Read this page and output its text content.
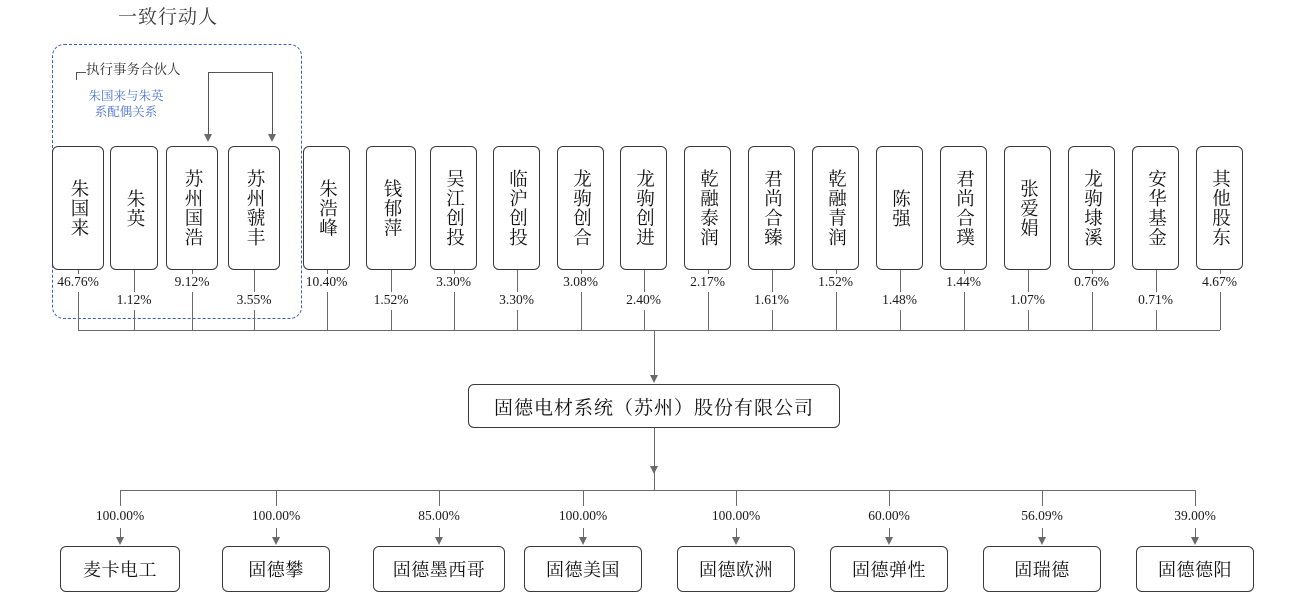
一致行动人
执行事务合伙人
朱国来与朱英
系配偶关系
朱国来 朱英 苏州国浩 苏州虢丰	朱浩峰 钱郁萍 吴江创投 临沪创投 龙驹创合 龙驹创进 乾融泰润 君尚合臻 乾融青润 陈强 君尚合璞 张爱娟 龙驹埭溪 安华基金 其他股东
46.76%
1.12%
9.12%
3.55%
10.40%
1.52%
3.30%
3.30%
3.08%
2.40%
2.17%
1.61%
1.52%
1.48%
1.44%
1.07%
0.76%
0.71%
4.67%
固德电材系统（苏州）股份有限公司
麦卡电工
100.00%
固德攀
100.00%
固德墨西哥
85.00%
固德美国
100.00%
固德欧洲
100.00%
固德弹性
60.00%
固瑞德
56.09%
固德德阳
39.00%
